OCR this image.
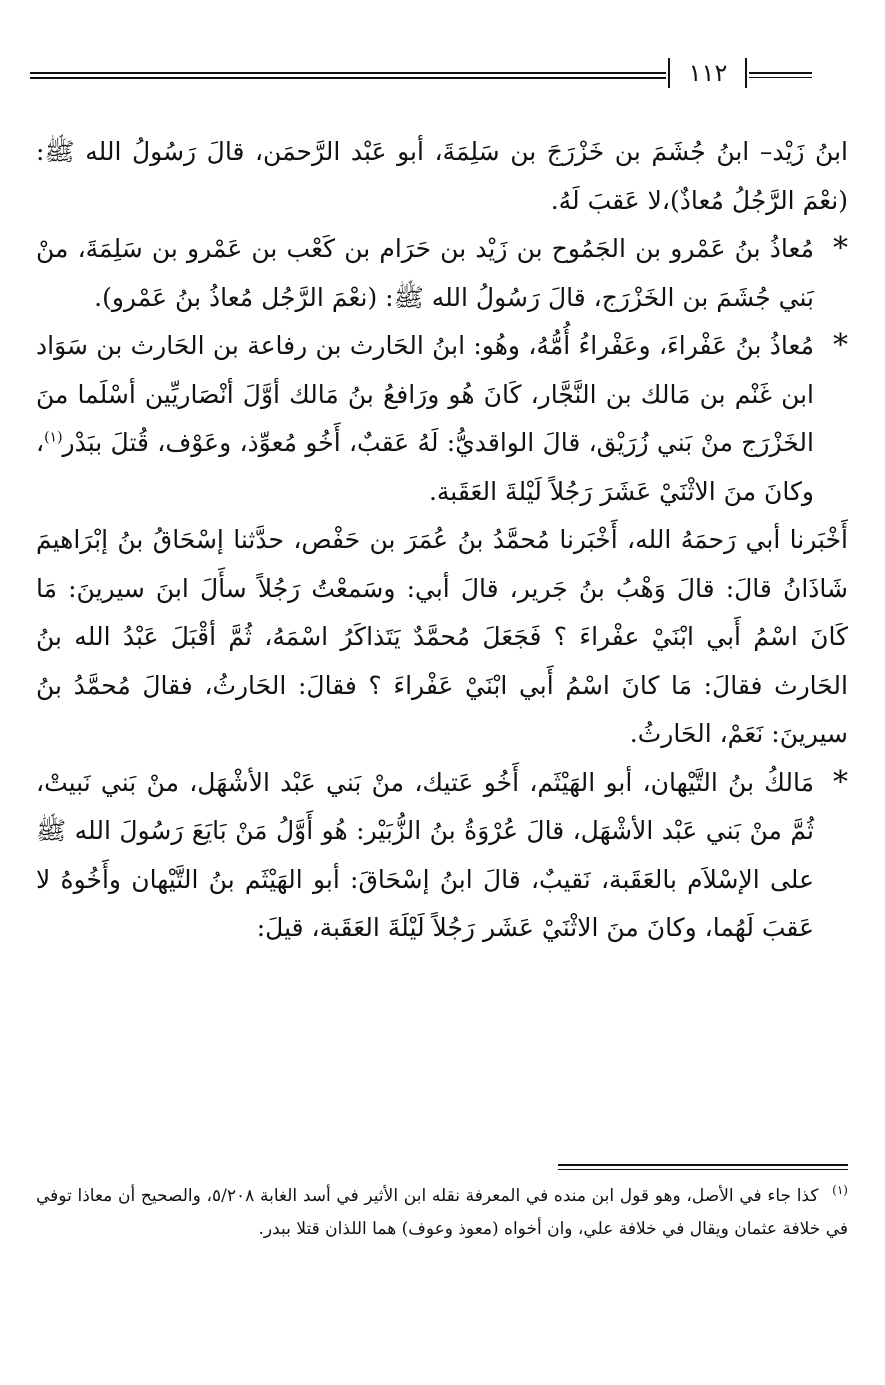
١١٢

ابنُ زَيْد– ابنُ جُشَمَ بن خَزْرَجَ بن سَلِمَةَ، أبو عَبْد الرَّحمَن، قالَ رَسُولُ الله ﷺ: (نعْمَ الرَّجُلُ مُعاذٌ)،لا عَقبَ لَهُ.

*
مُعاذُ بنُ عَمْرو بن الجَمُوح بن زَيْد بن حَرَام بن كَعْب بن عَمْرو بن سَلِمَةَ، منْ بَني جُشَمَ بن الخَزْرَج، قالَ رَسُولُ الله ﷺ: (نعْمَ الرَّجُل مُعاذُ بنُ عَمْرو).

*
مُعاذُ بنُ عَفْراءَ، وعَفْراءُ أُمُّهُ، وهُو: ابنُ الحَارث بن رفاعة بن الحَارث بن سَوَاد ابن غَنْم بن مَالك بن النَّجَّار، كَانَ هُو ورَافعُ بنُ مَالك أوَّلَ أنْصَاريِّين أسْلَما منَ الخَزْرَج منْ بَني زُرَيْق، قالَ الواقديُّ: لَهُ عَقبٌ، أَخُو مُعوِّذ، وعَوْف، قُتلَ ببَدْر$^{(١)}$، وكانَ منَ الاثْنَيْ عَشَرَ رَجُلاً لَيْلةَ العَقَبة.

أَخْبَرنا أبي رَحمَهُ الله، أَخْبَرنا مُحمَّدُ بنُ عُمَرَ بن حَفْص، حدَّثنا إسْحَاقُ بنُ إبْرَاهيمَ شَاذَانُ قالَ: قالَ وَهْبُ بنُ جَرير، قالَ أبي: وسَمعْتُ رَجُلاً سأَلَ ابنَ سيرينَ: مَا كَانَ اسْمُ أَبي ابْنَيْ عفْراءَ ؟ فَجَعَلَ مُحمَّدٌ يَتَذاكَرُ اسْمَهُ، ثُمَّ أقْبَلَ عَبْدُ الله بنُ الحَارث فقالَ: مَا كانَ اسْمُ أَبي ابْنَيْ عَفْراءَ ؟ فقالَ: الحَارثُ، فقالَ مُحمَّدُ بنُ سيرينَ: نَعَمْ، الحَارثُ.

*
مَالكُ بنُ التَّيْهان، أبو الهَيْثَم، أَخُو عَتيك، منْ بَني عَبْد الأشْهَل، منْ بَني نَبيتْ، ثُمَّ منْ بَني عَبْد الأشْهَل، قالَ عُرْوَةُ بنُ الزُّبَيْر: هُو أَوَّلُ مَنْ بَايَعَ رَسُولَ الله ﷺ على الإسْلاَم بالعَقَبة، نَقيبٌ، قالَ ابنُ إسْحَاقَ: أبو الهَيْثَم بنُ التَّيْهان وأَخُوهُ لا عَقبَ لَهُما، وكانَ منَ الاثْنَيْ عَشَر رَجُلاً لَيْلَةَ العَقَبة، قيلَ:

$^{(١)}$ كذا جاء في الأصل، وهو قول ابن منده في المعرفة نقله ابن الأثير في أسد الغابة ٥/٢٠٨، والصحيح أن معاذا توفي في خلافة عثمان ويقال في خلافة علي، وان أخواه (معوذ وعوف) هما اللذان قتلا ببدر.
